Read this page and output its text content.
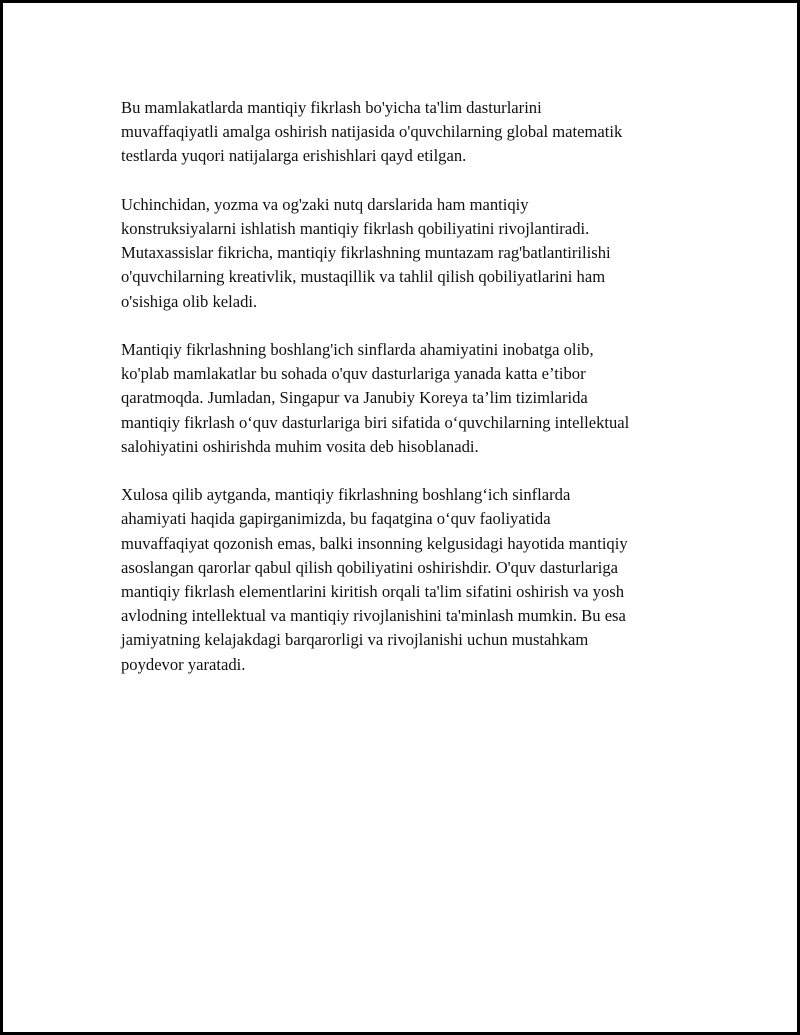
Bu mamlakatlarda mantiqiy fikrlash bo'yicha ta'lim dasturlarini
muvaffaqiyatli amalga oshirish natijasida o'quvchilarning global matematik
testlarda yuqori natijalarga erishishlari qayd etilgan.

Uchinchidan, yozma va og'zaki nutq darslarida ham mantiqiy
konstruksiyalarni ishlatish mantiqiy fikrlash qobiliyatini rivojlantiradi.
Mutaxassislar fikricha, mantiqiy fikrlashning muntazam rag'batlantirilishi
o'quvchilarning kreativlik, mustaqillik va tahlil qilish qobiliyatlarini ham
o'sishiga olib keladi.

Mantiqiy fikrlashning boshlang'ich sinflarda ahamiyatini inobatga olib,
ko'plab mamlakatlar bu sohada o'quv dasturlariga yanada katta e’tibor
qaratmoqda. Jumladan, Singapur va Janubiy Koreya ta’lim tizimlarida
mantiqiy fikrlash o‘quv dasturlariga biri sifatida o‘quvchilarning intellektual
salohiyatini oshirishda muhim vosita deb hisoblanadi.

Xulosa qilib aytganda, mantiqiy fikrlashning boshlang‘ich sinflarda
ahamiyati haqida gapirganimizda, bu faqatgina o‘quv faoliyatida
muvaffaqiyat qozonish emas, balki insonning kelgusidagi hayotida mantiqiy
asoslangan qarorlar qabul qilish qobiliyatini oshirishdir. O'quv dasturlariga
mantiqiy fikrlash elementlarini kiritish orqali ta'lim sifatini oshirish va yosh
avlodning intellektual va mantiqiy rivojlanishini ta'minlash mumkin. Bu esa
jamiyatning kelajakdagi barqarorligi va rivojlanishi uchun mustahkam
poydevor yaratadi.
